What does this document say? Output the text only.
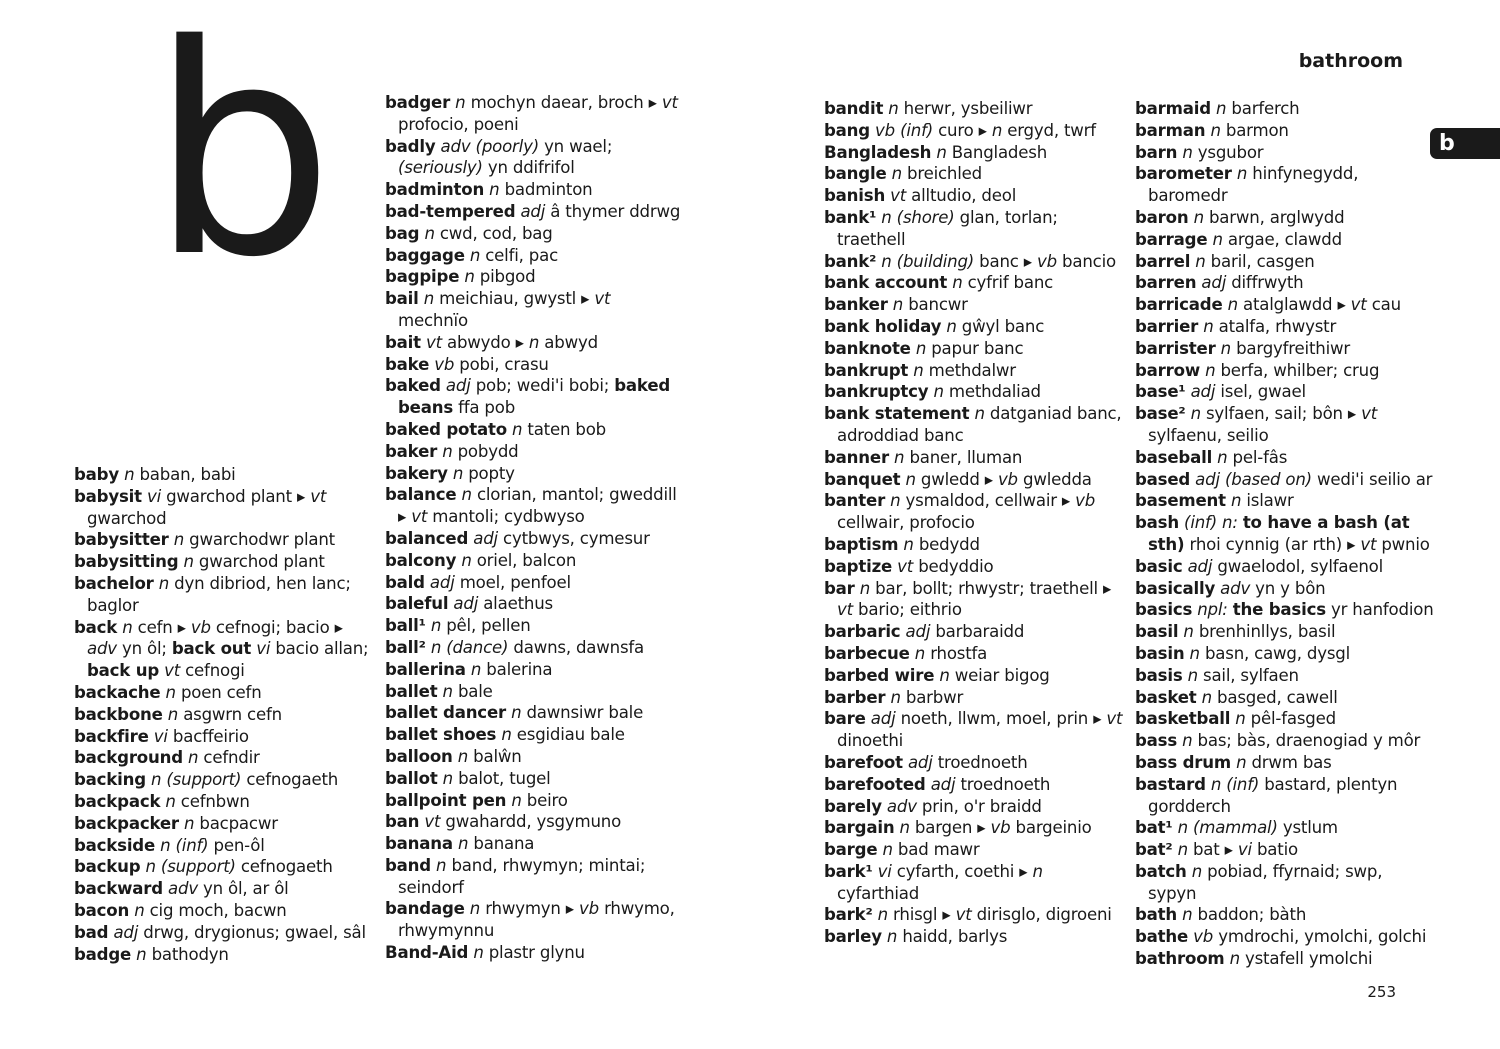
b	bathroom
b
baby n baban, babi
babysit vi gwarchod plant ▸ vt gwarchod
babysitter n gwarchodwr plant
babysitting n gwarchod plant
bachelor n dyn dibriod, hen lanc; baglor
back n cefn ▸ vb cefnogi; bacio ▸ adv yn ôl; back out vi bacio allan; back up vt cefnogi
backache n poen cefn
backbone n asgwrn cefn
backfire vi bacffeirio
background n cefndir
backing n (support) cefnogaeth
backpack n cefnbwn
backpacker n bacpacwr
backside n (inf) pen-ôl
backup n (support) cefnogaeth
backward adv yn ôl, ar ôl
bacon n cig moch, bacwn
bad adj drwg, drygionus; gwael, sâl
badge n bathodyn
badger n mochyn daear, broch ▸ vt profocio, poeni
badly adv (poorly) yn wael; (seriously) yn ddifrifol
badminton n badminton
bad-tempered adj â thymer ddrwg
bag n cwd, cod, bag
baggage n celfi, pac
bagpipe n pibgod
bail n meichiau, gwystl ▸ vt mechnïo
bait vt abwydo ▸ n abwyd
bake vb pobi, crasu
baked adj pob; wedi'i bobi; baked beans ffa pob
baked potato n taten bob
baker n pobydd
bakery n popty
balance n clorian, mantol; gweddill ▸ vt mantoli; cydbwyso
balanced adj cytbwys, cymesur
balcony n oriel, balcon
bald adj moel, penfoel
baleful adj alaethus
ball¹ n pêl, pellen
ball² n (dance) dawns, dawnsfa
ballerina n balerina
ballet n bale
ballet dancer n dawnsiwr bale
ballet shoes n esgidiau bale
balloon n balŵn
ballot n balot, tugel
ballpoint pen n beiro
ban vt gwahardd, ysgymuno
banana n banana
band n band, rhwymyn; mintai; seindorf
bandage n rhwymyn ▸ vb rhwymo, rhwymynnu
Band-Aid n plastr glynu
bandit n herwr, ysbeiliwr
bang vb (inf) curo ▸ n ergyd, twrf
Bangladesh n Bangladesh
bangle n breichled
banish vt alltudio, deol
bank¹ n (shore) glan, torlan; traethell
bank² n (building) banc ▸ vb bancio
bank account n cyfrif banc
banker n bancwr
bank holiday n gŵyl banc
banknote n papur banc
bankrupt n methdalwr
bankruptcy n methdaliad
bank statement n datganiad banc, adroddiad banc
banner n baner, lluman
banquet n gwledd ▸ vb gwledda
banter n ysmaldod, cellwair ▸ vb cellwair, profocio
baptism n bedydd
baptize vt bedyddio
bar n bar, bollt; rhwystr; traethell ▸ vt bario; eithrio
barbaric adj barbaraidd
barbecue n rhostfa
barbed wire n weiar bigog
barber n barbwr
bare adj noeth, llwm, moel, prin ▸ vt dinoethi
barefoot adj troednoeth
barefooted adj troednoeth
barely adv prin, o'r braidd
bargain n bargen ▸ vb bargeinio
barge n bad mawr
bark¹ vi cyfarth, coethi ▸ n cyfarthiad
bark² n rhisgl ▸ vt dirisglo, digroeni
barley n haidd, barlys
barmaid n barferch
barman n barmon
barn n ysgubor
barometer n hinfynegydd, baromedr
baron n barwn, arglwydd
barrage n argae, clawdd
barrel n baril, casgen
barren adj diffrwyth
barricade n atalglawdd ▸ vt cau
barrier n atalfa, rhwystr
barrister n bargyfreithiwr
barrow n berfa, whilber; crug
base¹ adj isel, gwael
base² n sylfaen, sail; bôn ▸ vt sylfaenu, seilio
baseball n pel-fâs
based adj (based on) wedi'i seilio ar
basement n islawr
bash (inf) n: to have a bash (at sth) rhoi cynnig (ar rth) ▸ vt pwnio
basic adj gwaelodol, sylfaenol
basically adv yn y bôn
basics npl: the basics yr hanfodion
basil n brenhinllys, basil
basin n basn, cawg, dysgl
basis n sail, sylfaen
basket n basged, cawell
basketball n pêl-fasged
bass n bas; bàs, draenogiad y môr
bass drum n drwm bas
bastard n (inf) bastard, plentyn gordderch
bat¹ n (mammal) ystlum
bat² n bat ▸ vi batio
batch n pobiad, ffyrnaid; swp, sypyn
bath n baddon; bàth
bathe vb ymdrochi, ymolchi, golchi
bathroom n ystafell ymolchi
253
